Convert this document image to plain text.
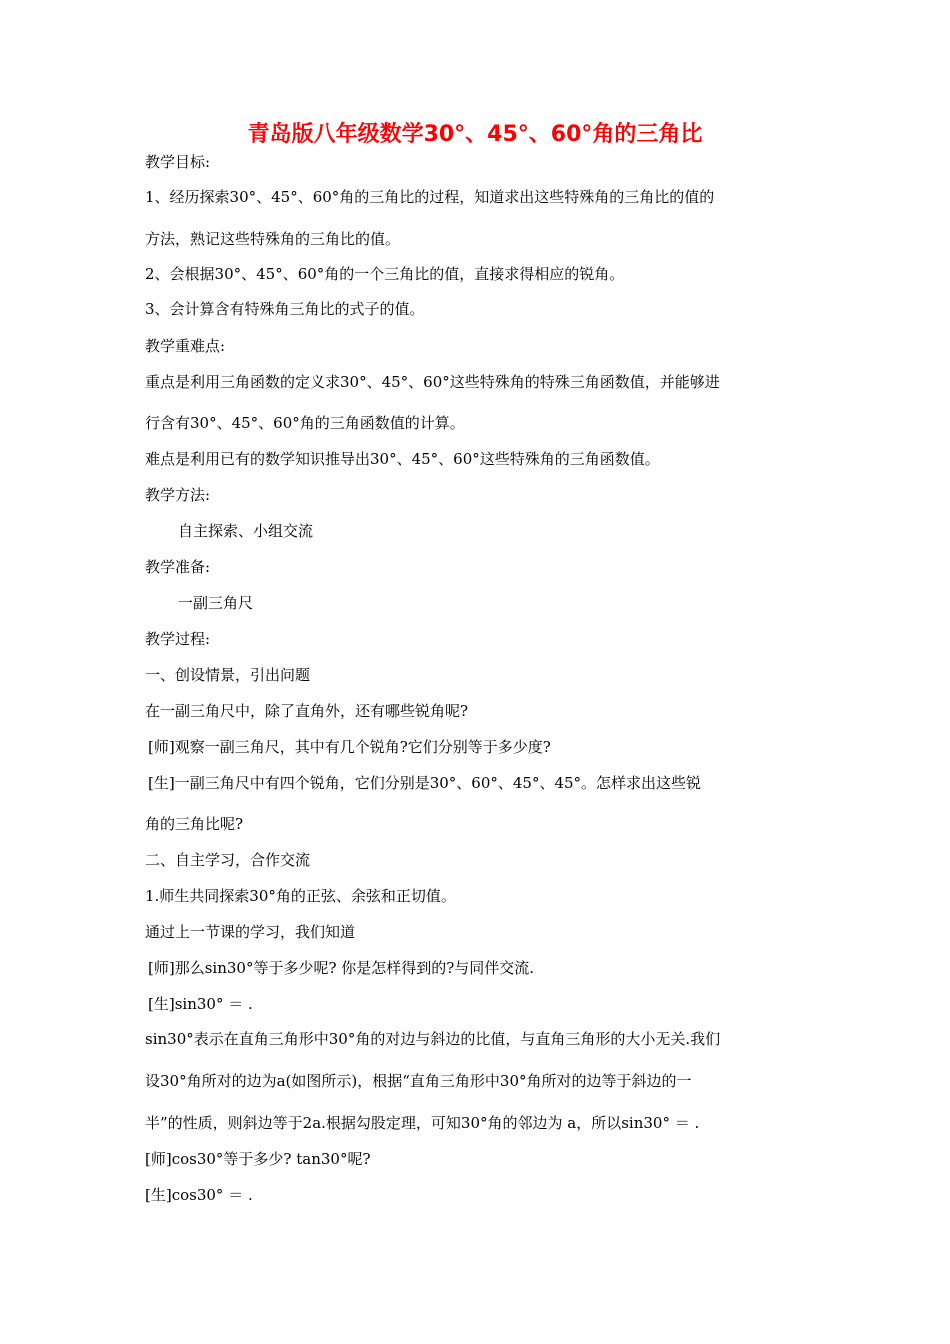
青岛版八年级数学30°、45°、60°角的三角比
教学目标:
1、经历探索30°、45°、60°角的三角比的过程，知道求出这些特殊角的三角比的值的
方法，熟记这些特殊角的三角比的值。
2、会根据30°、45°、60°角的一个三角比的值，直接求得相应的锐角。
3、会计算含有特殊角三角比的式子的值。
教学重难点:
重点是利用三角函数的定义求30°、45°、60°这些特殊角的特殊三角函数值，并能够进
行含有30°、45°、60°角的三角函数值的计算。
难点是利用已有的数学知识推导出30°、45°、60°这些特殊角的三角函数值。
教学方法:
自主探索、小组交流
教学准备:
一副三角尺
教学过程:
一、创设情景，引出问题
在一副三角尺中，除了直角外，还有哪些锐角呢?
[师]观察一副三角尺，其中有几个锐角?它们分别等于多少度?
[生]一副三角尺中有四个锐角，它们分别是30°、60°、45°、45°。怎样求出这些锐
角的三角比呢?
二、自主学习，合作交流
1.师生共同探索30°角的正弦、余弦和正切值。
通过上一节课的学习，我们知道
[师]那么sin30°等于多少呢? 你是怎样得到的?与同伴交流.
[生]sin30° ＝ .
sin30°表示在直角三角形中30°角的对边与斜边的比值，与直角三角形的大小无关.我们
设30°角所对的边为a(如图所示)，根据“直角三角形中30°角所对的边等于斜边的一
半”的性质，则斜边等于2a.根据勾股定理，可知30°角的邻边为 a，所以sin30° ＝ .
[师]cos30°等于多少? tan30°呢?
[生]cos30° ＝ .
